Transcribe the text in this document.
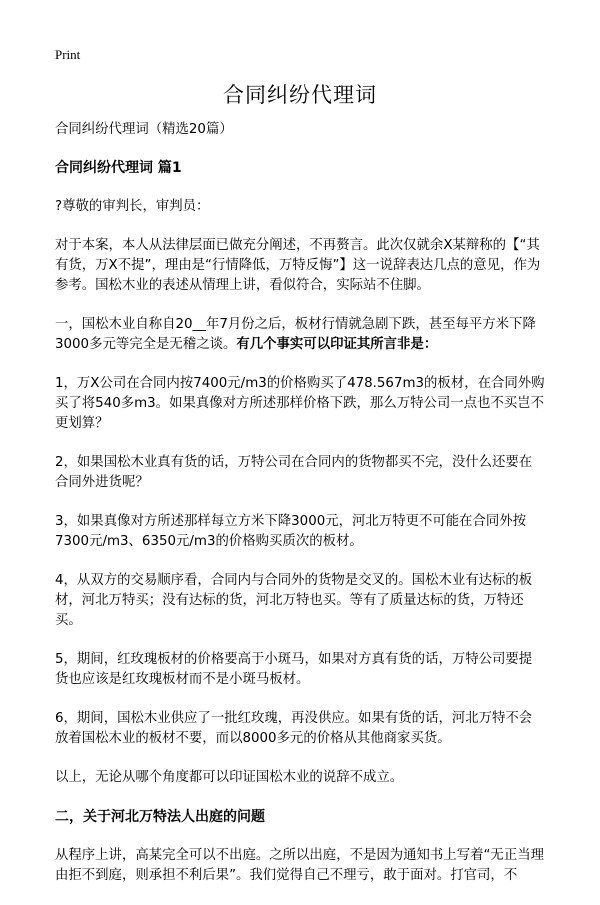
Print
合同纠纷代理词

合同纠纷代理词（精选20篇）

合同纠纷代理词 篇1

?尊敬的审判长，审判员：

对于本案，本人从法律层面已做充分阐述，不再赘言。此次仅就余X某辩称的【“其有货，万X不提”，理由是“行情降低，万特反悔”】这一说辞表达几点的意见，作为参考。国松木业的表述从情理上讲，看似符合，实际站不住脚。

一，国松木业自称自20__年7月份之后，板材行情就急剧下跌，甚至每平方米下降3000多元等完全是无稽之谈。有几个事实可以印证其所言非是：

1，万X公司在合同内按7400元/m3的价格购买了478.567m3的板材，在合同外购买了将540多m3。如果真像对方所述那样价格下跌，那么万特公司一点也不买岂不更划算？

2，如果国松木业真有货的话，万特公司在合同内的货物都买不完，没什么还要在合同外进货呢？

3，如果真像对方所述那样每立方米下降3000元，河北万特更不可能在合同外按7300元/m3、6350元/m3的价格购买质次的板材。

4，从双方的交易顺序看，合同内与合同外的货物是交叉的。国松木业有达标的板材，河北万特买；没有达标的货，河北万特也买。等有了质量达标的货，万特还买。

5，期间，红玫瑰板材的价格要高于小斑马，如果对方真有货的话，万特公司要提货也应该是红玫瑰板材而不是小斑马板材。

6，期间，国松木业供应了一批红玫瑰，再没供应。如果有货的话，河北万特不会放着国松木业的板材不要，而以8000多元的价格从其他商家买货。

以上，无论从哪个角度都可以印证国松木业的说辞不成立。

二，关于河北万特法人出庭的问题

从程序上讲，高某完全可以不出庭。之所以出庭，不是因为通知书上写着“无正当理由拒不到庭，则承担不利后果”。我们觉得自己不理亏，敢于面对。打官司，不
